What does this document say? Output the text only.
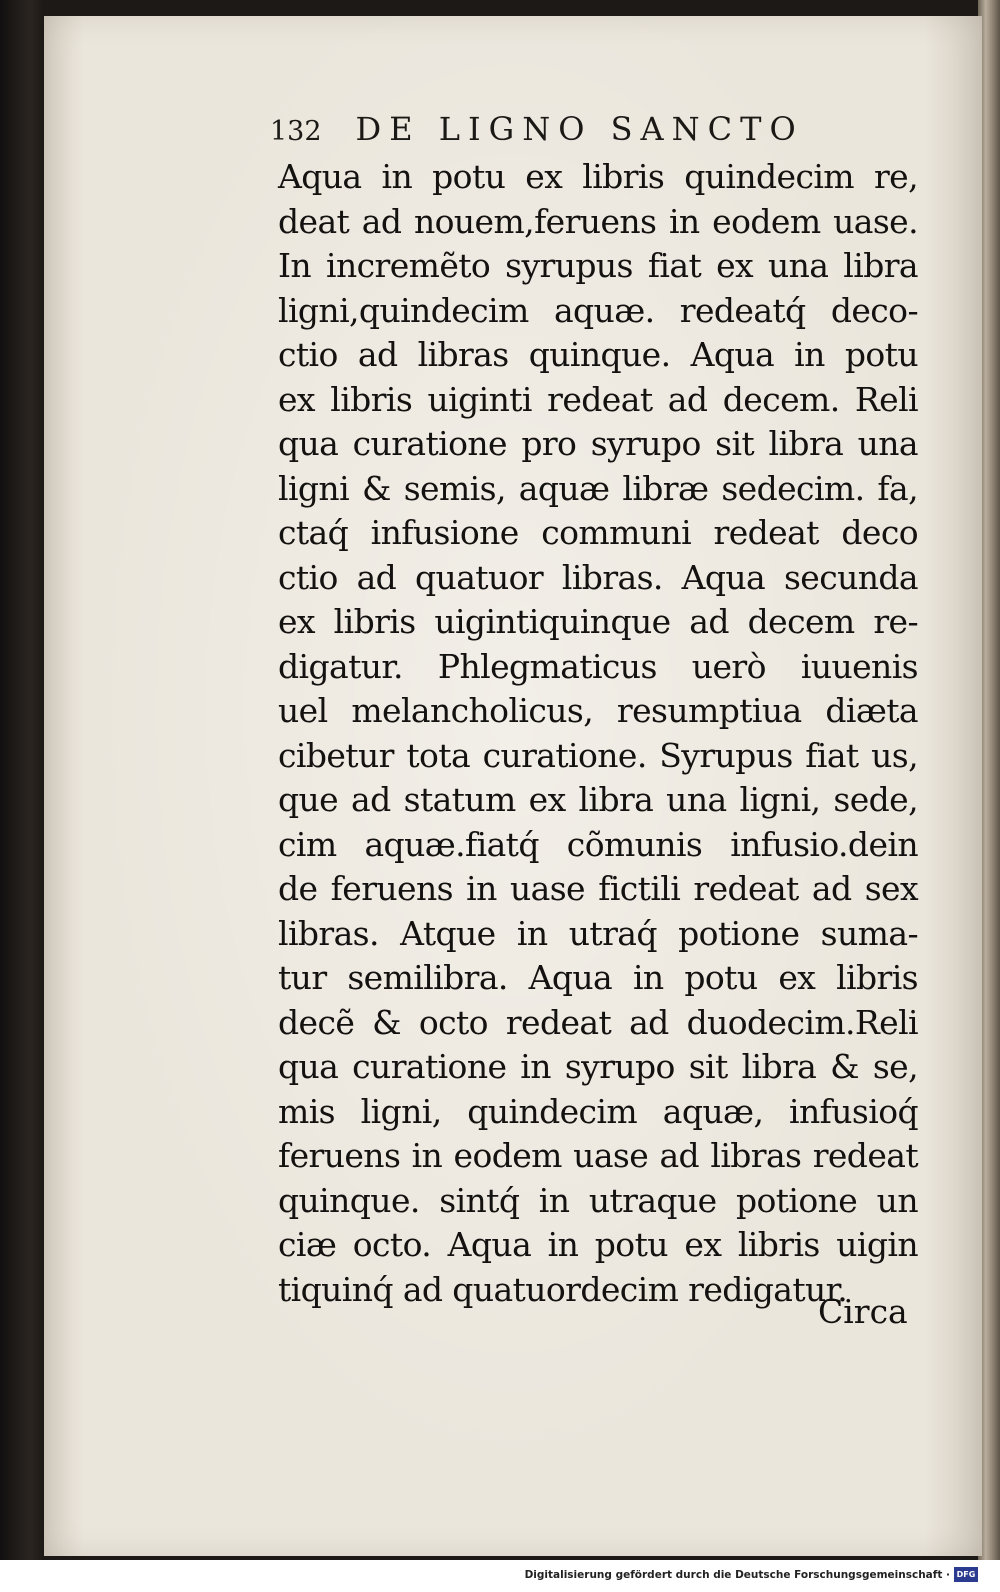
132 DE LIGNO SANCTO
Aqua in potu ex libris quindecim re,
deat ad nouem,feruens in eodem uase.
In incremẽto syrupus fiat ex una libra
ligni,quindecim aquæ. redeatq́ deco-
ctio ad libras quinque. Aqua in potu
ex libris uiginti redeat ad decem. Reli
qua curatione pro syrupo sit libra una
ligni & semis, aquæ libræ sedecim. fa,
ctaq́ infusione communi redeat deco
ctio ad quatuor libras. Aqua secunda
ex libris uigintiquinque ad decem re-
digatur. Phlegmaticus uerò iuuenis
uel melancholicus, resumptiua diæta
cibetur tota curatione. Syrupus fiat us,
que ad statum ex libra una ligni, sede,
cim aquæ.fiatq́ cõmunis infusio.dein
de feruens in uase fictili redeat ad sex
libras. Atque in utraq́ potione suma-
tur semilibra. Aqua in potu ex libris
decẽ & octo redeat ad duodecim.Reli
qua curatione in syrupo sit libra & se,
mis ligni, quindecim aquæ, infusioq́
feruens in eodem uase ad libras redeat
quinque. sintq́ in utraque potione un
ciæ octo. Aqua in potu ex libris uigin
tiquinq́ ad quatuordecim redigatur.
Circa
Digitalisierung gefördert durch die Deutsche Forschungsgemeinschaft · DFG
